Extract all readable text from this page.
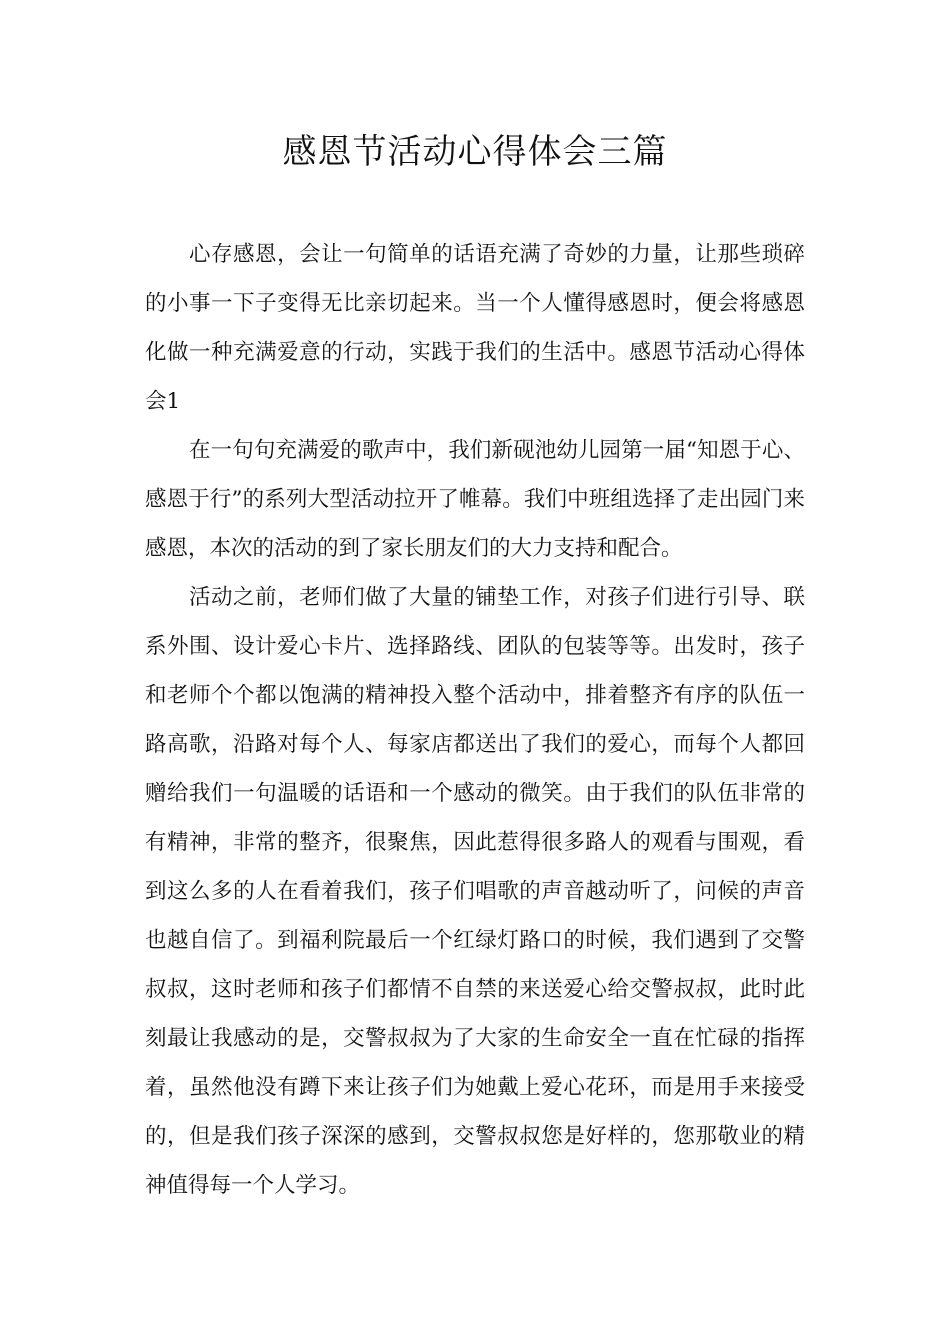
感恩节活动心得体会三篇

心存感恩，会让一句简单的话语充满了奇妙的力量，让那些琐碎的小事一下子变得无比亲切起来。当一个人懂得感恩时，便会将感恩化做一种充满爱意的行动，实践于我们的生活中。感恩节活动心得体会1

在一句句充满爱的歌声中，我们新砚池幼儿园第一届“知恩于心、感恩于行”的系列大型活动拉开了帷幕。我们中班组选择了走出园门来感恩，本次的活动的到了家长朋友们的大力支持和配合。

活动之前，老师们做了大量的铺垫工作，对孩子们进行引导、联系外围、设计爱心卡片、选择路线、团队的包装等等。出发时，孩子和老师个个都以饱满的精神投入整个活动中，排着整齐有序的队伍一路高歌，沿路对每个人、每家店都送出了我们的爱心，而每个人都回赠给我们一句温暖的话语和一个感动的微笑。由于我们的队伍非常的有精神，非常的整齐，很聚焦，因此惹得很多路人的观看与围观，看到这么多的人在看着我们，孩子们唱歌的声音越动听了，问候的声音也越自信了。到福利院最后一个红绿灯路口的时候，我们遇到了交警叔叔，这时老师和孩子们都情不自禁的来送爱心给交警叔叔，此时此刻最让我感动的是，交警叔叔为了大家的生命安全一直在忙碌的指挥着，虽然他没有蹲下来让孩子们为她戴上爱心花环，而是用手来接受的，但是我们孩子深深的感到，交警叔叔您是好样的，您那敬业的精神值得每一个人学习。
